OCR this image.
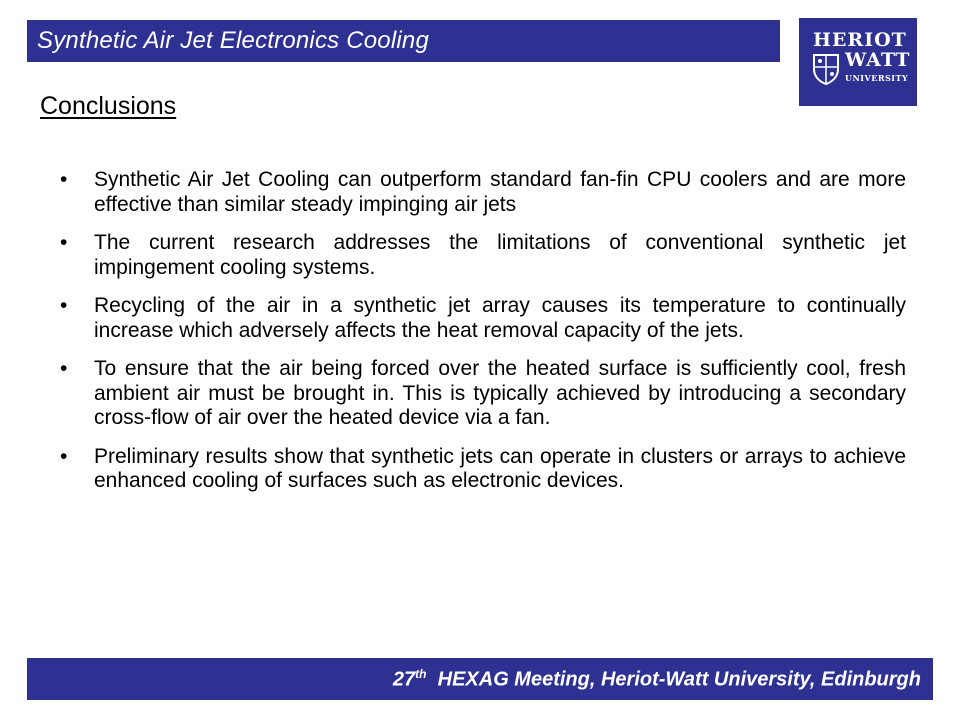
Synthetic Air Jet Electronics Cooling	HERIOT
WATT
UNIVERSITY
Conclusions
• Synthetic Air Jet Cooling can outperform standard fan-fin CPU coolers and are more effective than similar steady impinging air jets
• The current research addresses the limitations of conventional synthetic jet impingement cooling systems.
• Recycling of the air in a synthetic jet array causes its temperature to continually increase which adversely affects the heat removal capacity of the jets.
• To ensure that the air being forced over the heated surface is sufficiently cool, fresh ambient air must be brought in. This is typically achieved by introducing a secondary cross-flow of air over the heated device via a fan.
• Preliminary results show that synthetic jets can operate in clusters or arrays to achieve enhanced cooling of surfaces such as electronic devices.
27th HEXAG Meeting, Heriot-Watt University, Edinburgh
